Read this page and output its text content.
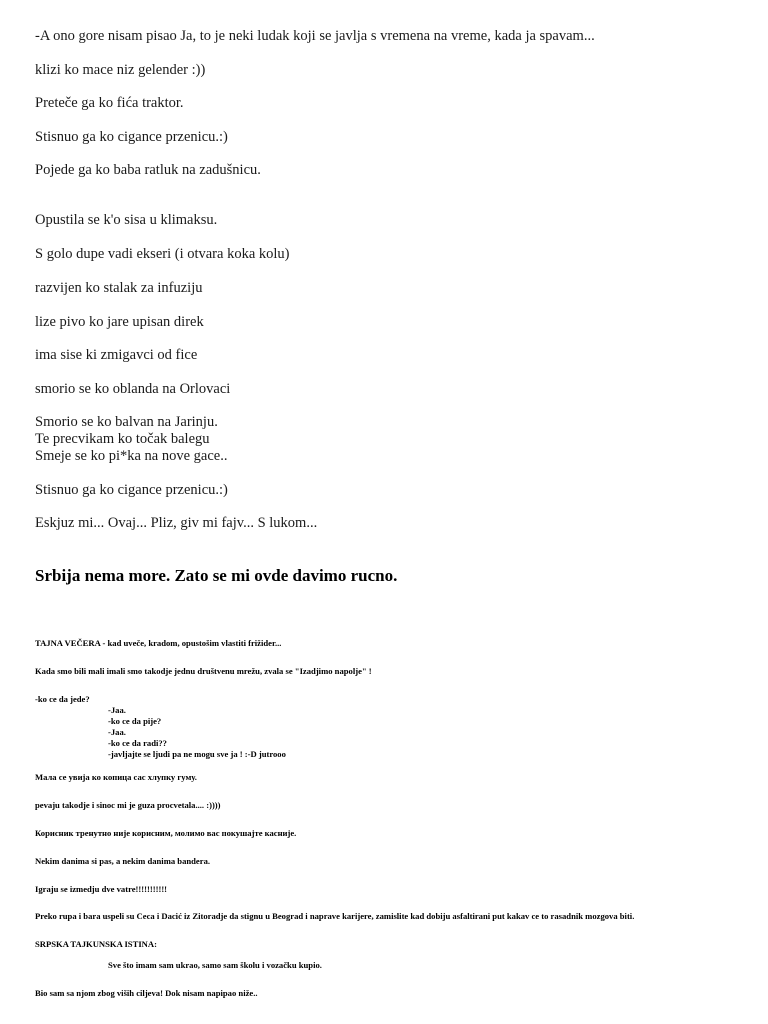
-A ono gore nisam pisao Ja, to je neki ludak koji se javlja s vremena na vreme, kada ja spavam...
klizi ko mace niz gelender :))
Preteče ga ko fića traktor.
Stisnuo ga ko cigance przenicu.:)
Pojede ga ko baba ratluk na zadušnicu.
Opustila se k'o sisa u klimaksu.
S golo dupe vadi ekseri (i otvara koka kolu)
razvijen ko stalak za infuziju
lize pivo ko jare upisan direk
ima sise ki zmigavci od fice
smorio se ko oblanda na Orlovaci
Smorio se ko balvan na Jarinju.
Te precvikam ko točak balegu
Smeje se ko pi*ka na nove gace..
Stisnuo ga ko cigance przenicu.:)
Eskjuz mi... Ovaj... Pliz, giv mi fajv... S lukom...
Srbija nema more. Zato se mi ovde davimo rucno.
TAJNA VEČERA - kad uveče, kradom, opustošim vlastiti frižider...
Kada smo bili mali imali smo takodje jednu društvenu mrežu, zvala se "Izadjimo napolje" !
-ko ce da jede?
-Jaa.
-ko ce da pije?
-Jaa.
-ko ce da radi??
-javljajte se ljudi pa ne mogu sve ja ! :-D jutrooo
Мала се увија ко копица сас хлупку гуму.
pevaju takodje i sinoc mi je guza procvetala.... :))))
Корисник тренутно није корисним, молимо вас покушајте касније.
Nekim danima si pas, a nekim danima bandera.
Igraju se izmedju dve vatre!!!!!!!!!!!
Preko rupa i bara uspeli su Ceca i Dacić iz Zitoradje da stignu u Beograd i naprave karijere, zamislite kad dobiju asfaltirani put kakav ce to rasadnik mozgova biti.
SRPSKA TAJKUNSKA ISTINA:
Sve što imam sam ukrao, samo sam školu i vozačku kupio.
Bio sam sa njom zbog viših ciljeva! Dok nisam napipao niže..
